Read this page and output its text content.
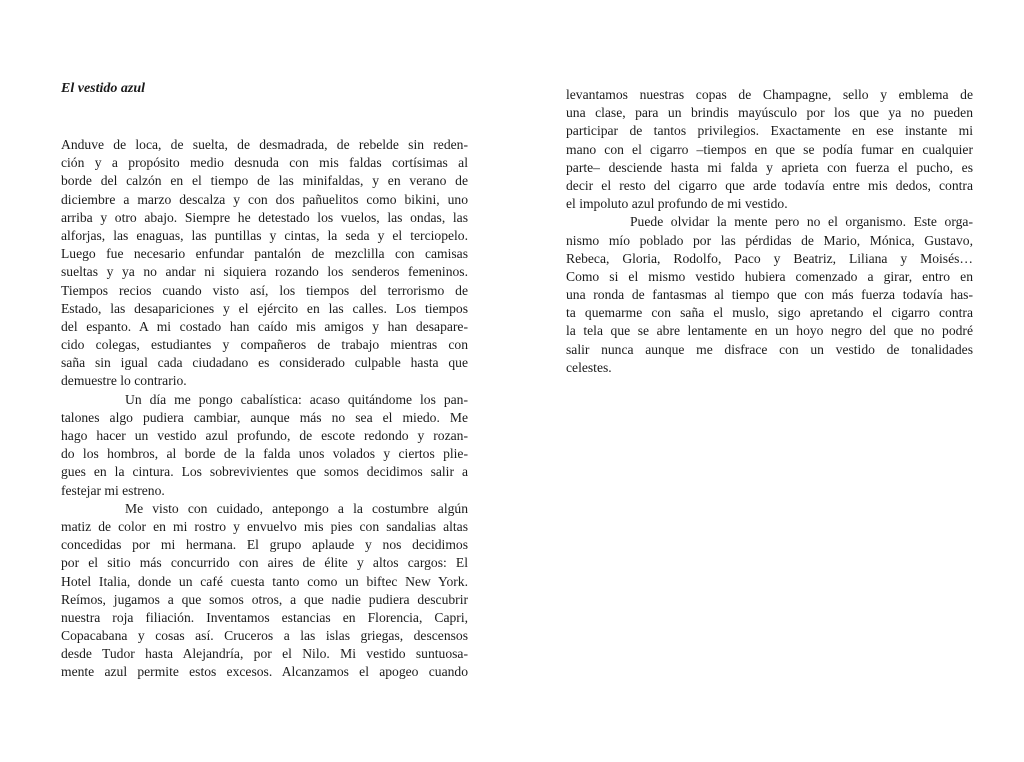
El vestido azul
Anduve de loca, de suelta, de desmadrada, de rebelde sin reden-
ción y a propósito medio desnuda con mis faldas cortísimas al
borde del calzón en el tiempo de las minifaldas, y en verano de
diciembre a marzo descalza y con dos pañuelitos como bikini, uno
arriba y otro abajo. Siempre he detestado los vuelos, las ondas, las
alforjas, las enaguas, las puntillas y cintas, la seda y el terciopelo.
Luego fue necesario enfundar pantalón de mezclilla con camisas
sueltas y ya no andar ni siquiera rozando los senderos femeninos.
Tiempos recios cuando visto así, los tiempos del terrorismo de
Estado, las desapariciones y el ejército en las calles. Los tiempos
del espanto. A mi costado han caído mis amigos y han desapare-
cido colegas, estudiantes y compañeros de trabajo mientras con
saña sin igual cada ciudadano es considerado culpable hasta que
demuestre lo contrario.
Un día me pongo cabalística: acaso quitándome los pan-
talones algo pudiera cambiar, aunque más no sea el miedo. Me
hago hacer un vestido azul profundo, de escote redondo y rozan-
do los hombros, al borde de la falda unos volados y ciertos plie-
gues en la cintura. Los sobrevivientes que somos decidimos salir a
festejar mi estreno.
Me visto con cuidado, antepongo a la costumbre algún
matiz de color en mi rostro y envuelvo mis pies con sandalias altas
concedidas por mi hermana. El grupo aplaude y nos decidimos
por el sitio más concurrido con aires de élite y altos cargos: El
Hotel Italia, donde un café cuesta tanto como un biftec New York.
Reímos, jugamos a que somos otros, a que nadie pudiera descubrir
nuestra roja filiación. Inventamos estancias en Florencia, Capri,
Copacabana y cosas así. Cruceros a las islas griegas, descensos
desde Tudor hasta Alejandría, por el Nilo. Mi vestido suntuosa-
mente azul permite estos excesos. Alcanzamos el apogeo cuando
levantamos nuestras copas de Champagne, sello y emblema de
una clase, para un brindis mayúsculo por los que ya no pueden
participar de tantos privilegios. Exactamente en ese instante mi
mano con el cigarro –tiempos en que se podía fumar en cualquier
parte– desciende hasta mi falda y aprieta con fuerza el pucho, es
decir el resto del cigarro que arde todavía entre mis dedos, contra
el impoluto azul profundo de mi vestido.
Puede olvidar la mente pero no el organismo. Este orga-
nismo mío poblado por las pérdidas de Mario, Mónica, Gustavo,
Rebeca, Gloria, Rodolfo, Paco y Beatriz, Liliana y Moisés…
Como si el mismo vestido hubiera comenzado a girar, entro en
una ronda de fantasmas al tiempo que con más fuerza todavía has-
ta quemarme con saña el muslo, sigo apretando el cigarro contra
la tela que se abre lentamente en un hoyo negro del que no podré
salir nunca aunque me disfrace con un vestido de tonalidades
celestes.
